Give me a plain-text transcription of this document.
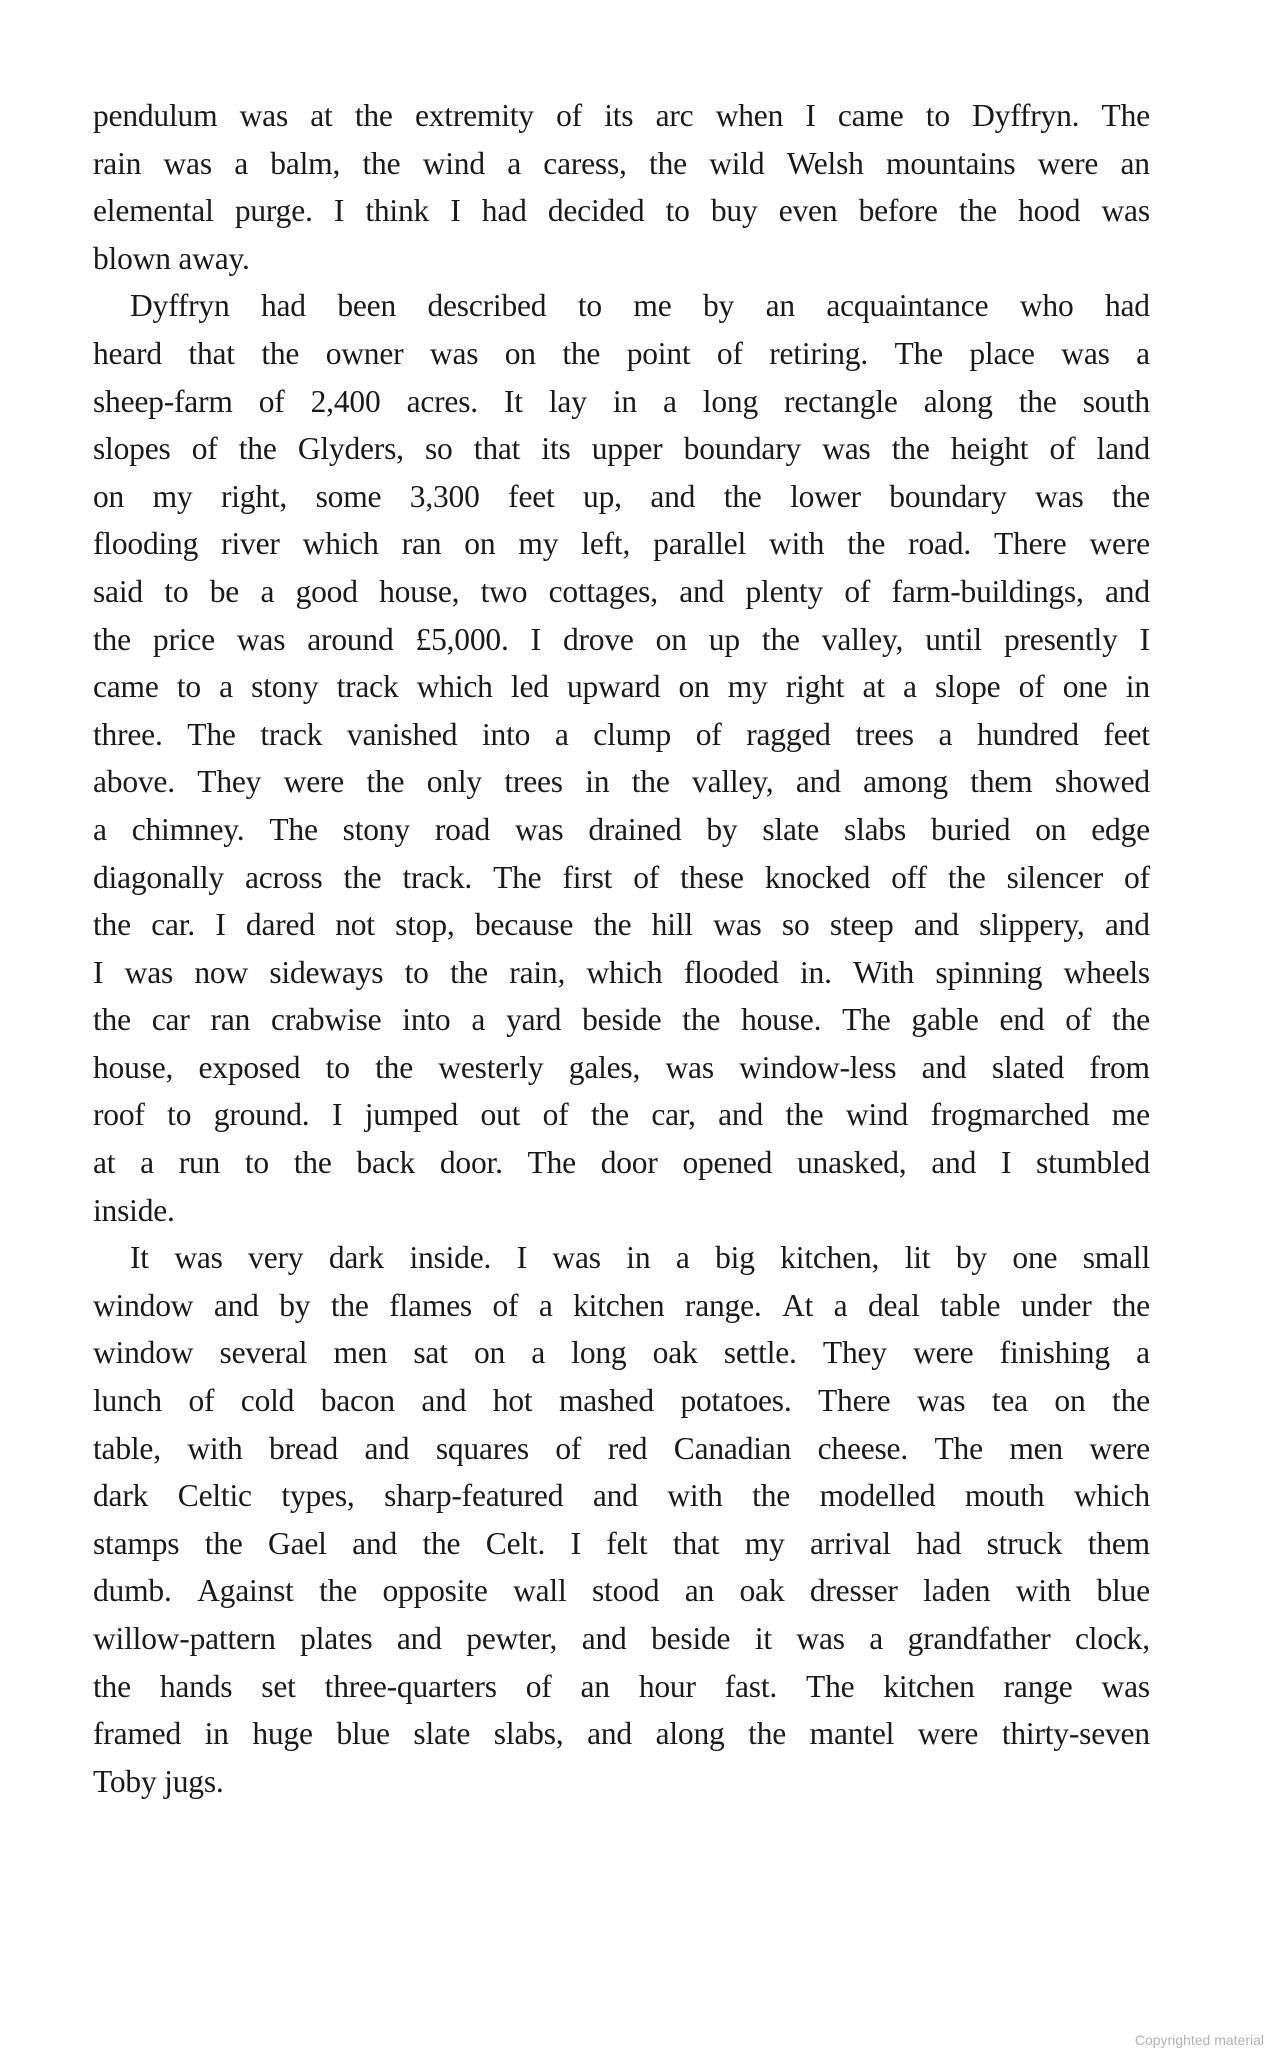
pendulum was at the extremity of its arc when I came to Dyffryn. The
rain was a balm, the wind a caress, the wild Welsh mountains were an
elemental purge. I think I had decided to buy even before the hood was
blown away.
Dyffryn had been described to me by an acquaintance who had
heard that the owner was on the point of retiring. The place was a
sheep-farm of 2,400 acres. It lay in a long rectangle along the south
slopes of the Glyders, so that its upper boundary was the height of land
on my right, some 3,300 feet up, and the lower boundary was the
flooding river which ran on my left, parallel with the road. There were
said to be a good house, two cottages, and plenty of farm-buildings, and
the price was around £5,000. I drove on up the valley, until presently I
came to a stony track which led upward on my right at a slope of one in
three. The track vanished into a clump of ragged trees a hundred feet
above. They were the only trees in the valley, and among them showed
a chimney. The stony road was drained by slate slabs buried on edge
diagonally across the track. The first of these knocked off the silencer of
the car. I dared not stop, because the hill was so steep and slippery, and
I was now sideways to the rain, which flooded in. With spinning wheels
the car ran crabwise into a yard beside the house. The gable end of the
house, exposed to the westerly gales, was window-less and slated from
roof to ground. I jumped out of the car, and the wind frogmarched me
at a run to the back door. The door opened unasked, and I stumbled
inside.
It was very dark inside. I was in a big kitchen, lit by one small
window and by the flames of a kitchen range. At a deal table under the
window several men sat on a long oak settle. They were finishing a
lunch of cold bacon and hot mashed potatoes. There was tea on the
table, with bread and squares of red Canadian cheese. The men were
dark Celtic types, sharp-featured and with the modelled mouth which
stamps the Gael and the Celt. I felt that my arrival had struck them
dumb. Against the opposite wall stood an oak dresser laden with blue
willow-pattern plates and pewter, and beside it was a grandfather clock,
the hands set three-quarters of an hour fast. The kitchen range was
framed in huge blue slate slabs, and along the mantel were thirty-seven
Toby jugs.
Copyrighted material
